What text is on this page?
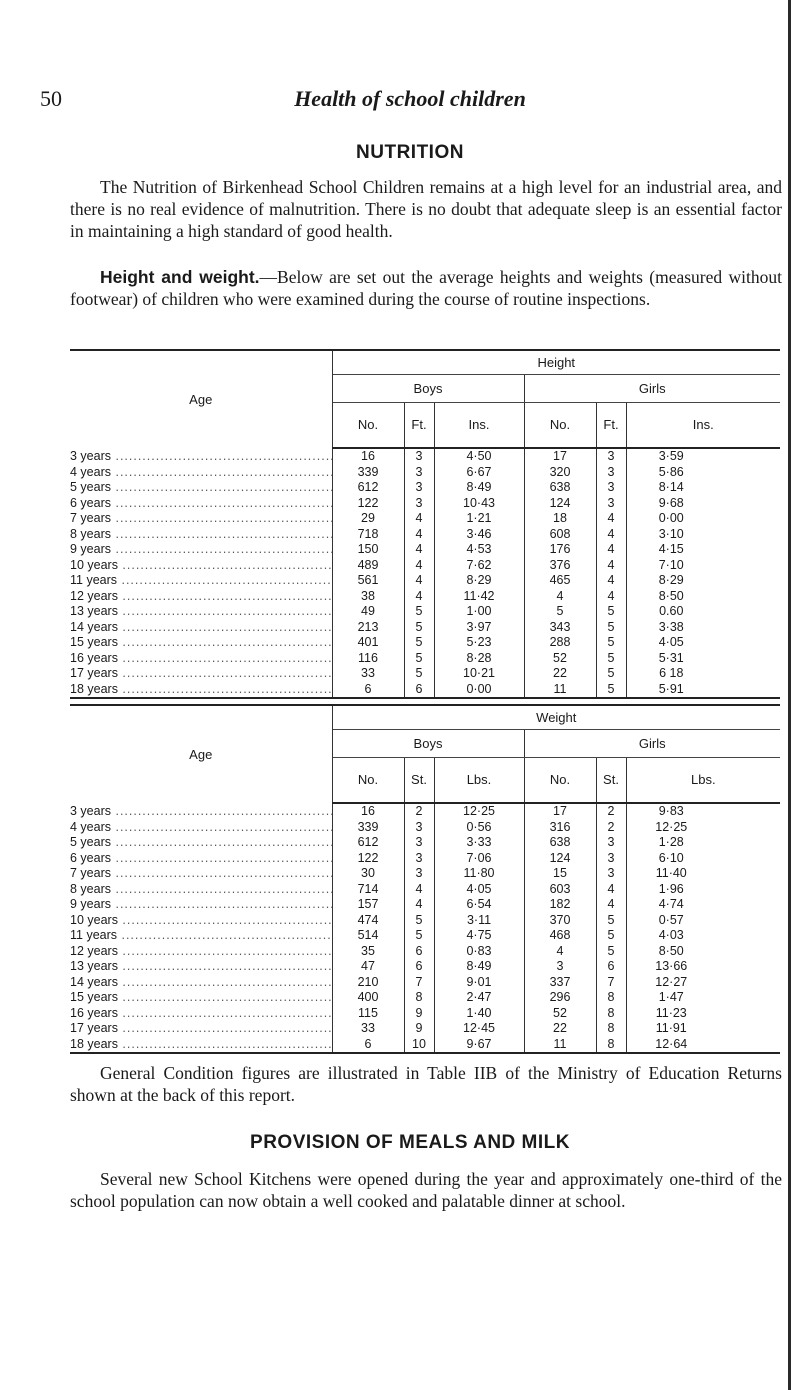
50	Health of school children
NUTRITION

The Nutrition of Birkenhead School Children remains at a high level for an industrial area, and there is no real evidence of malnutrition. There is no doubt that adequate sleep is an essential factor in maintaining a high standard of good health.

Height and weight.—Below are set out the average heights and weights (measured without footwear) of children who were examined during the course of routine inspections.

Age	Height						
	Boys			Girls			
	No.	Ft.	Ins.	No.	Ft.	Ins.	
3 years .....	16	3	4·50	17	3	3·59	
4 years .....	339	3	6·67	320	3	5·86	
5 years .....	612	3	8·49	638	3	8·14	
6 years .....	122	3	10·43	124	3	9·68	
7 years .....	29	4	1·21	18	4	0·00	
8 years .....	718	4	3·46	608	4	3·10	
9 years .....	150	4	4·53	176	4	4·15	
10 years .....	489	4	7·62	376	4	7·10	
11 years .....	561	4	8·29	465	4	8·29	
12 years .....	38	4	11·42	4	4	8·50	
13 years .....	49	5	1·00	5	5	0.60	
14 years .....	213	5	3·97	343	5	3·38	
15 years .....	401	5	5·23	288	5	4·05	
16 years .....	116	5	8·28	52	5	5·31	
17 years .....	33	5	10·21	22	5	6 18	
18 years .....	6	6	0·00	11	5	5·91	
Age	Weight						
	Boys			Girls			
	No.	St.	Lbs.	No.	St.	Lbs.	
3 years .....	16	2	12·25	17	2	9·83	
4 years .....	339	3	0·56	316	2	12·25	
5 years .....	612	3	3·33	638	3	1·28	
6 years .....	122	3	7·06	124	3	6·10	
7 years .....	30	3	11·80	15	3	11·40	
8 years .....	714	4	4·05	603	4	1·96	
9 years .....	157	4	6·54	182	4	4·74	
10 years .....	474	5	3·11	370	5	0·57	
11 years .....	514	5	4·75	468	5	4·03	
12 years .....	35	6	0·83	4	5	8·50	
13 years .....	47	6	8·49	3	6	13·66	
14 years .....	210	7	9·01	337	7	12·27	
15 years .....	400	8	2·47	296	8	1·47	
16 years .....	115	9	1·40	52	8	11·23	
17 years .....	33	9	12·45	22	8	11·91	
18 years .....	6	10	9·67	11	8	12·64	

General Condition figures are illustrated in Table IIB of the Ministry of Education Returns shown at the back of this report.

PROVISION OF MEALS AND MILK

Several new School Kitchens were opened during the year and approximately one-third of the school population can now obtain a well cooked and palatable dinner at school.
